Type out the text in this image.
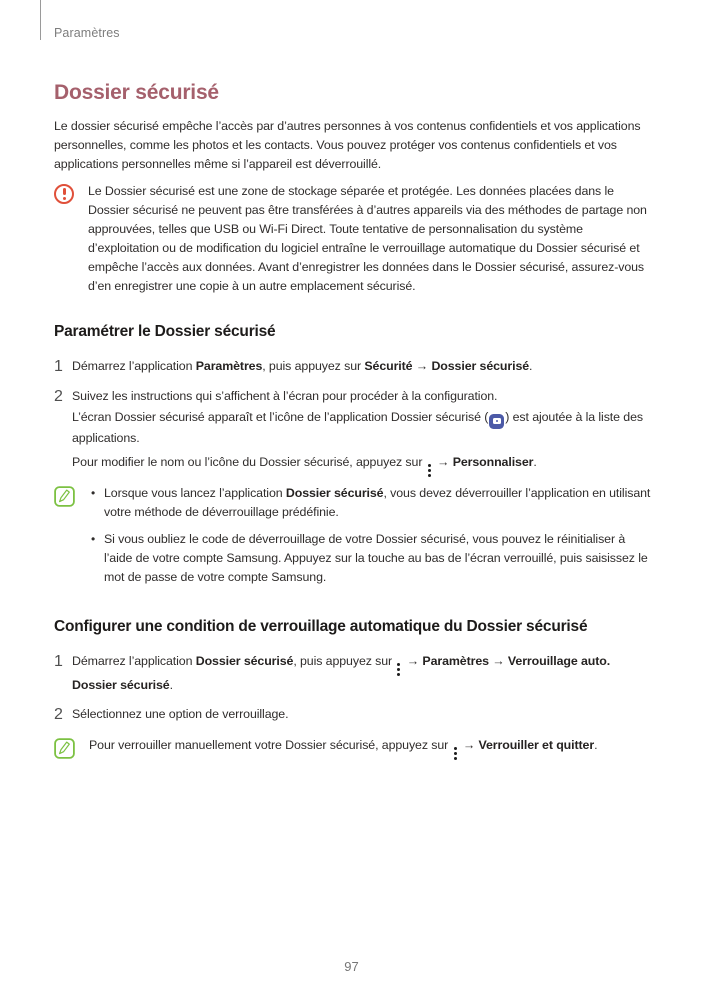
Paramètres
Dossier sécurisé

Le dossier sécurisé empêche l’accès par d’autres personnes à vos contenus confidentiels et vos applications personnelles, comme les photos et les contacts. Vous pouvez protéger vos contenus confidentiels et vos applications personnelles même si l’appareil est déverrouillé.

Le Dossier sécurisé est une zone de stockage séparée et protégée. Les données placées dans le Dossier sécurisé ne peuvent pas être transférées à d’autres appareils via des méthodes de partage non approuvées, telles que USB ou Wi-Fi Direct. Toute tentative de personnalisation du système d’exploitation ou de modification du logiciel entraîne le verrouillage automatique du Dossier sécurisé et empêche l’accès aux données. Avant d’enregistrer les données dans le Dossier sécurisé, assurez-vous d’en enregistrer une copie à un autre emplacement sécurisé.

Paramétrer le Dossier sécurisé
1 Démarrez l’application Paramètres, puis appuyez sur Sécurité → Dossier sécurisé.

2 Suivez les instructions qui s’affichent à l’écran pour procéder à la configuration.

L’écran Dossier sécurisé apparaît et l’icône de l’application Dossier sécurisé ( ) est ajoutée à la liste des applications.

Pour modifier le nom ou l’icône du Dossier sécurisé, appuyez sur
→ Personnaliser.

• Lorsque vous lancez l’application Dossier sécurisé, vous devez déverrouiller l’application en utilisant votre méthode de déverrouillage prédéfinie.

• Si vous oubliez le code de déverrouillage de votre Dossier sécurisé, vous pouvez le réinitialiser à l’aide de votre compte Samsung. Appuyez sur la touche au bas de l’écran verrouillé, puis saisissez le mot de passe de votre compte Samsung.

Configurer une condition de verrouillage automatique du Dossier sécurisé
1 Démarrez l’application Dossier sécurisé, puis appuyez sur
→ Paramètres → Verrouillage auto. Dossier sécurisé.

2 Sélectionnez une option de verrouillage.

Pour verrouiller manuellement votre Dossier sécurisé, appuyez sur
→ Verrouiller et quitter.

97
